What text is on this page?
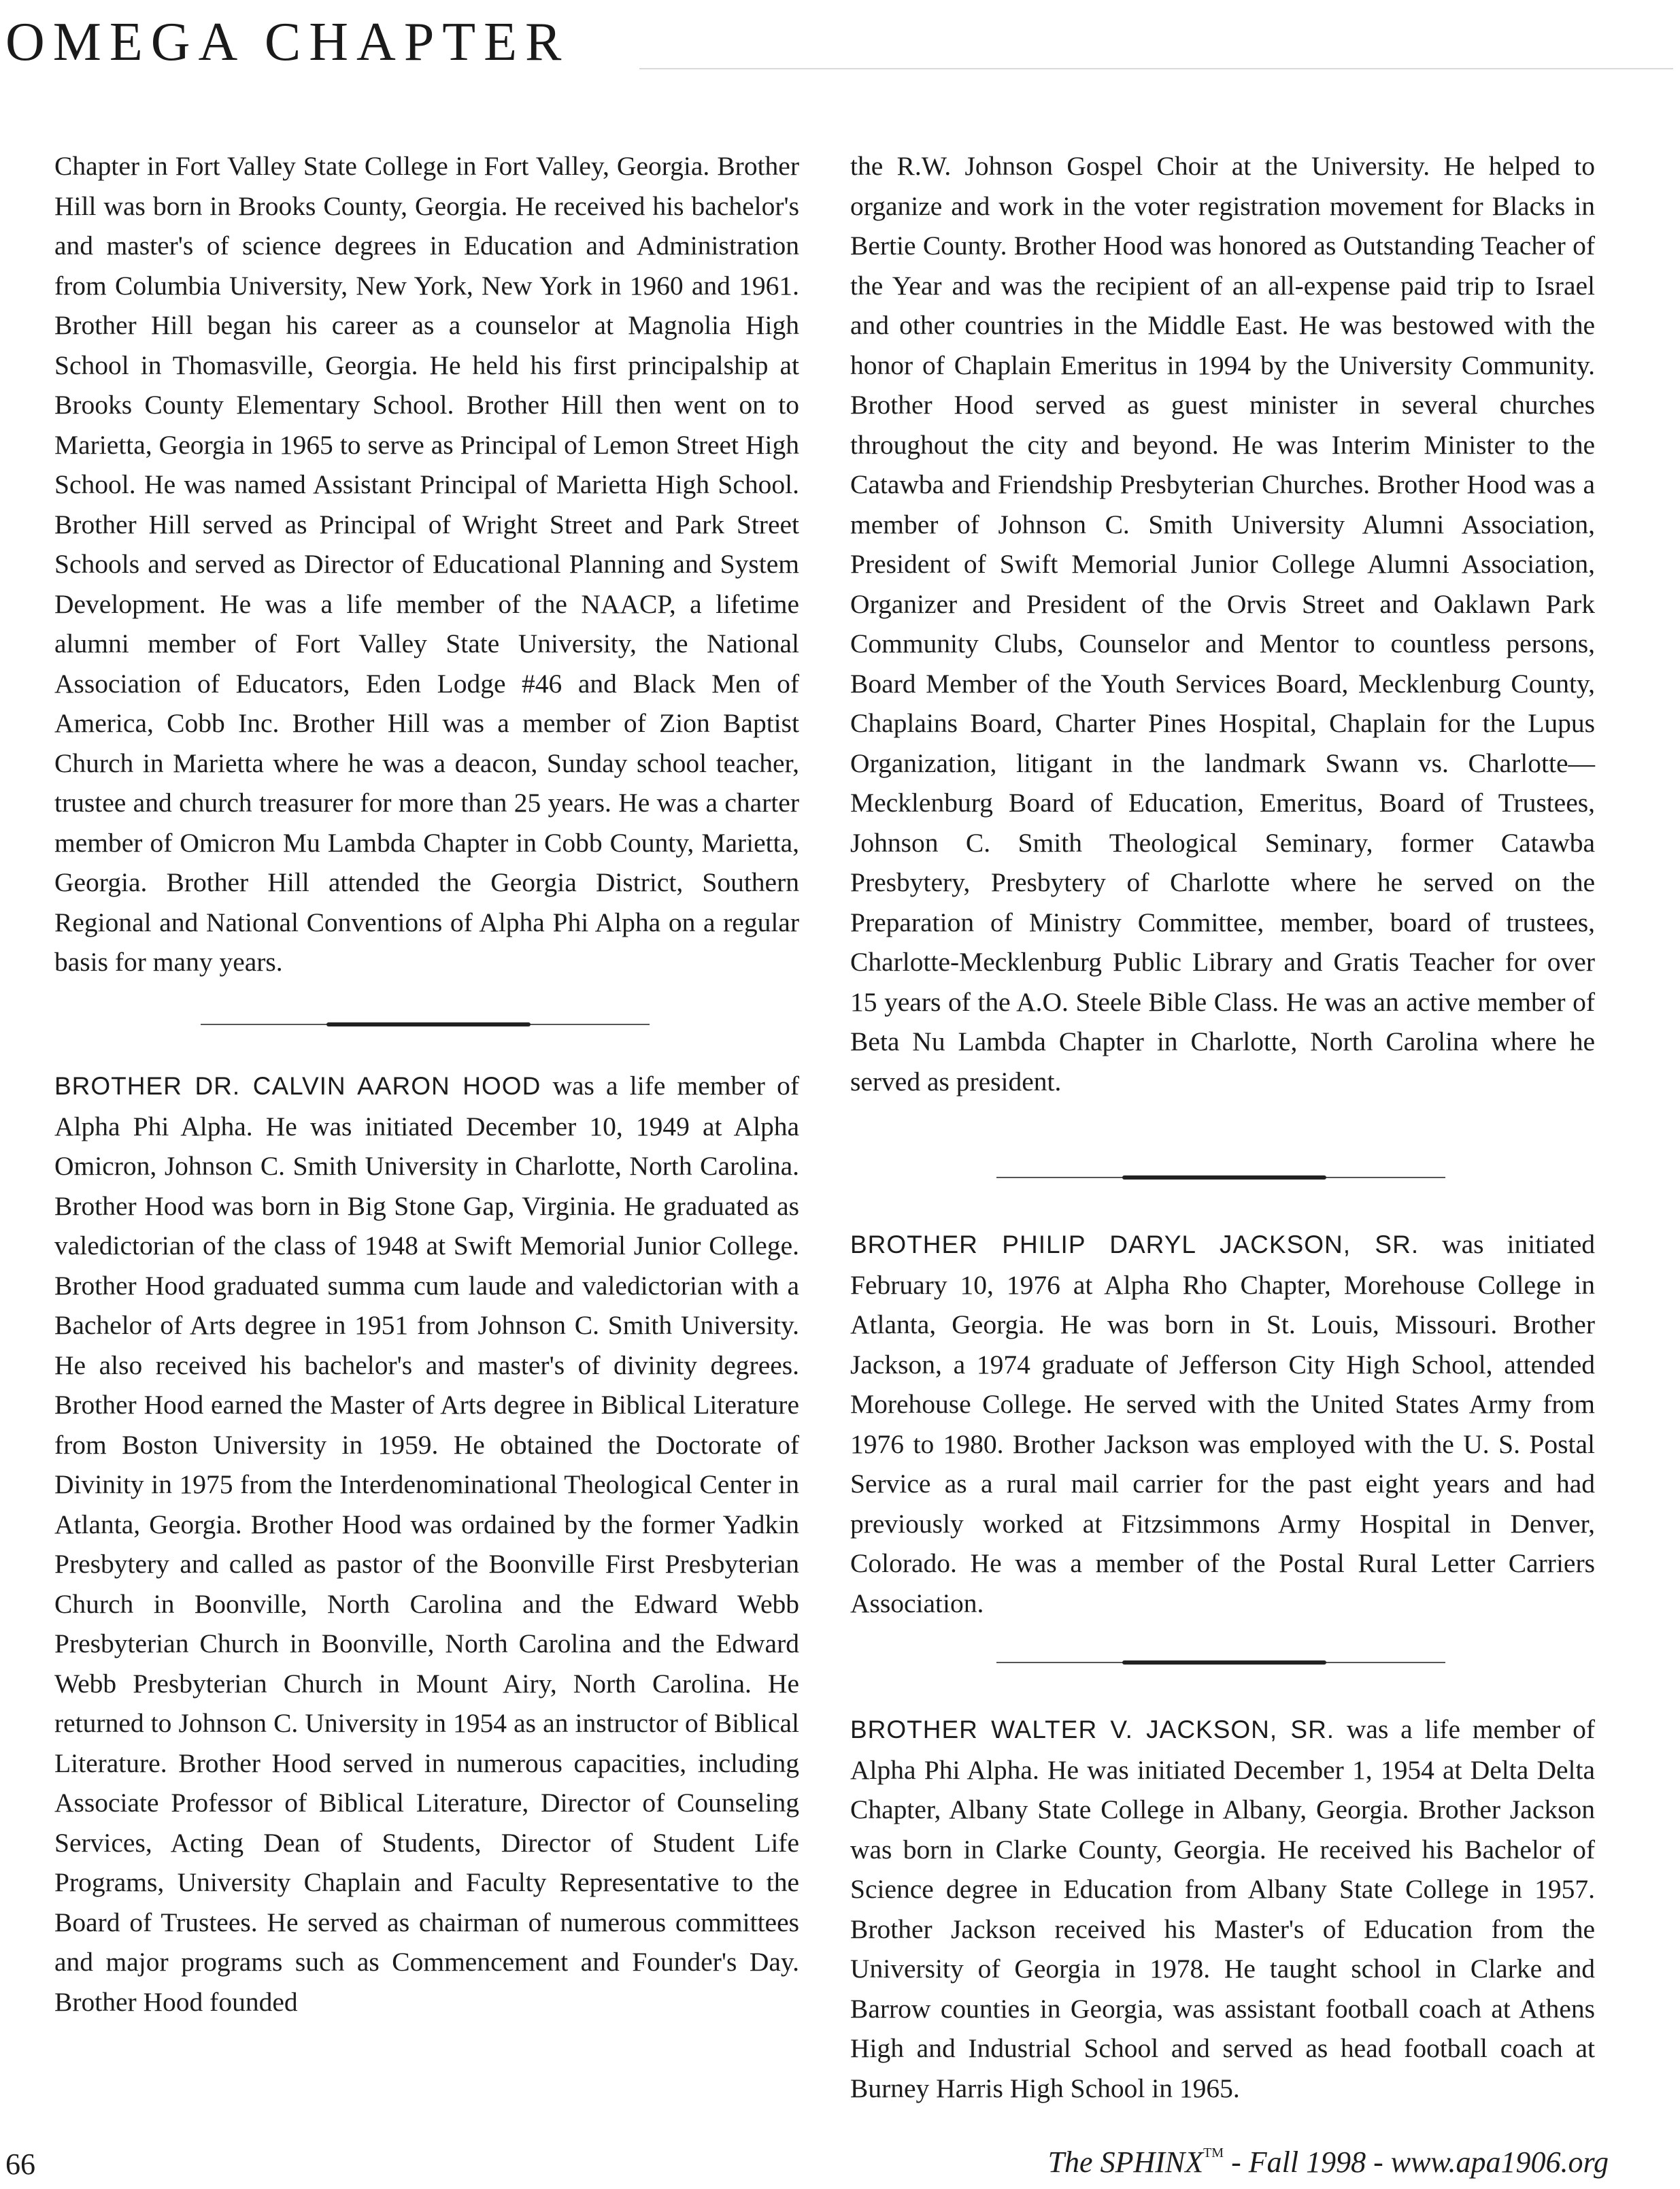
OMEGA CHAPTER

Chapter in Fort Valley State College in Fort Valley, Georgia. Brother Hill was born in Brooks County, Georgia. He received his bachelor's and master's of science degrees in Education and Administration from Columbia University, New York, New York in 1960 and 1961. Brother Hill began his career as a counselor at Magnolia High School in Thomasville, Georgia. He held his first principalship at Brooks County Elementary School. Brother Hill then went on to Marietta, Georgia in 1965 to serve as Principal of Lemon Street High School. He was named Assistant Principal of Marietta High School. Brother Hill served as Principal of Wright Street and Park Street Schools and served as Director of Educational Planning and System Development. He was a life member of the NAACP, a lifetime alumni member of Fort Valley State University, the National Association of Educators, Eden Lodge #46 and Black Men of America, Cobb Inc. Brother Hill was a member of Zion Baptist Church in Marietta where he was a deacon, Sunday school teacher, trustee and church treasurer for more than 25 years. He was a charter member of Omicron Mu Lambda Chapter in Cobb County, Marietta, Georgia. Brother Hill attended the Georgia District, Southern Regional and National Conventions of Alpha Phi Alpha on a regular basis for many years.

BROTHER DR. CALVIN AARON HOOD was a life member of Alpha Phi Alpha. He was initiated December 10, 1949 at Alpha Omicron, Johnson C. Smith University in Charlotte, North Carolina. Brother Hood was born in Big Stone Gap, Virginia. He graduated as valedictorian of the class of 1948 at Swift Memorial Junior College. Brother Hood graduated summa cum laude and valedictorian with a Bachelor of Arts degree in 1951 from Johnson C. Smith University. He also received his bachelor's and master's of divinity degrees. Brother Hood earned the Master of Arts degree in Biblical Literature from Boston University in 1959. He obtained the Doctorate of Divinity in 1975 from the Interdenominational Theological Center in Atlanta, Georgia. Brother Hood was ordained by the former Yadkin Presbytery and called as pastor of the Boonville First Presbyterian Church in Boonville, North Carolina and the Edward Webb Presbyterian Church in Boonville, North Carolina and the Edward Webb Presbyterian Church in Mount Airy, North Carolina. He returned to Johnson C. University in 1954 as an instructor of Biblical Literature. Brother Hood served in numerous capacities, including Associate Professor of Biblical Literature, Director of Counseling Services, Acting Dean of Students, Director of Student Life Programs, University Chaplain and Faculty Representative to the Board of Trustees. He served as chairman of numerous committees and major programs such as Commencement and Founder's Day. Brother Hood founded

the R.W. Johnson Gospel Choir at the University. He helped to organize and work in the voter registration movement for Blacks in Bertie County. Brother Hood was honored as Outstanding Teacher of the Year and was the recipient of an all-expense paid trip to Israel and other countries in the Middle East. He was bestowed with the honor of Chaplain Emeritus in 1994 by the University Community. Brother Hood served as guest minister in several churches throughout the city and beyond. He was Interim Minister to the Catawba and Friendship Presbyterian Churches. Brother Hood was a member of Johnson C. Smith University Alumni Association, President of Swift Memorial Junior College Alumni Association, Organizer and President of the Orvis Street and Oaklawn Park Community Clubs, Counselor and Mentor to countless persons, Board Member of the Youth Services Board, Mecklenburg County, Chaplains Board, Charter Pines Hospital, Chaplain for the Lupus Organization, litigant in the landmark Swann vs. Charlotte—Mecklenburg Board of Education, Emeritus, Board of Trustees, Johnson C. Smith Theological Seminary, former Catawba Presbytery, Presbytery of Charlotte where he served on the Preparation of Ministry Committee, member, board of trustees, Charlotte-Mecklenburg Public Library and Gratis Teacher for over 15 years of the A.O. Steele Bible Class. He was an active member of Beta Nu Lambda Chapter in Charlotte, North Carolina where he served as president.

BROTHER PHILIP DARYL JACKSON, SR. was initiated February 10, 1976 at Alpha Rho Chapter, Morehouse College in Atlanta, Georgia. He was born in St. Louis, Missouri. Brother Jackson, a 1974 graduate of Jefferson City High School, attended Morehouse College. He served with the United States Army from 1976 to 1980. Brother Jackson was employed with the U. S. Postal Service as a rural mail carrier for the past eight years and had previously worked at Fitzsimmons Army Hospital in Denver, Colorado. He was a member of the Postal Rural Letter Carriers Association.

BROTHER WALTER V. JACKSON, SR. was a life member of Alpha Phi Alpha. He was initiated December 1, 1954 at Delta Delta Chapter, Albany State College in Albany, Georgia. Brother Jackson was born in Clarke County, Georgia. He received his Bachelor of Science degree in Education from Albany State College in 1957. Brother Jackson received his Master's of Education from the University of Georgia in 1978. He taught school in Clarke and Barrow counties in Georgia, was assistant football coach at Athens High and Industrial School and served as head football coach at Burney Harris High School in 1965.

66	The SPHINX™ - Fall 1998 - www.apa1906.org
